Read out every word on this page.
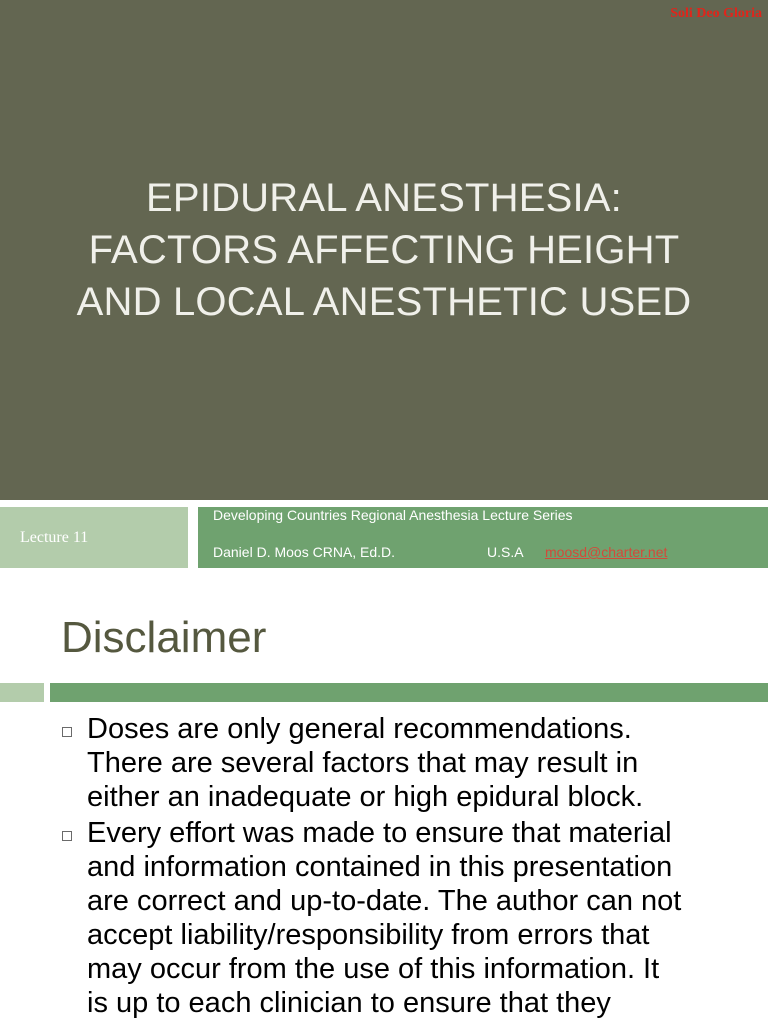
Soli Deo Gloria

EPIDURAL ANESTHESIA:
FACTORS AFFECTING HEIGHT
AND LOCAL ANESTHETIC USED
Lecture 11
Developing Countries Regional Anesthesia Lecture Series
Daniel D. Moos CRNA, Ed.D.	U.S.A moosd@charter.net
Disclaimer
Doses are only general recommendations.
There are several factors that may result in
either an inadequate or high epidural block.
Every effort was made to ensure that material
and information contained in this presentation
are correct and up-to-date. The author can not
accept liability/responsibility from errors that
may occur from the use of this information. It
is up to each clinician to ensure that they
